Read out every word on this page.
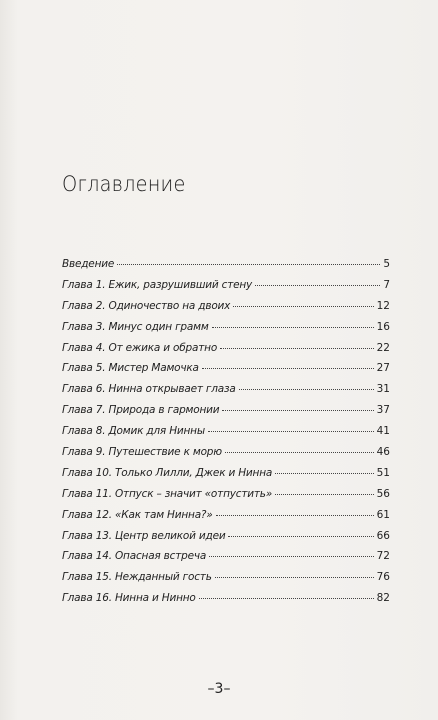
Оглавление
Введение	5
Глава 1. Ежик, разрушивший стену	7
Глава 2. Одиночество на двоих	12
Глава 3. Минус один грамм	16
Глава 4. От ежика и обратно	22
Глава 5. Мистер Мамочка	27
Глава 6. Нинна открывает глаза	31
Глава 7. Природа в гармонии	37
Глава 8. Домик для Нинны	41
Глава 9. Путешествие к морю	46
Глава 10. Только Лилли, Джек и Нинна	51
Глава 11. Отпуск – значит «отпустить»	56
Глава 12. «Как там Нинна?»	61
Глава 13. Центр великой идеи	66
Глава 14. Опасная встреча	72
Глава 15. Нежданный гость	76
Глава 16. Нинна и Нинно	82
–3–
